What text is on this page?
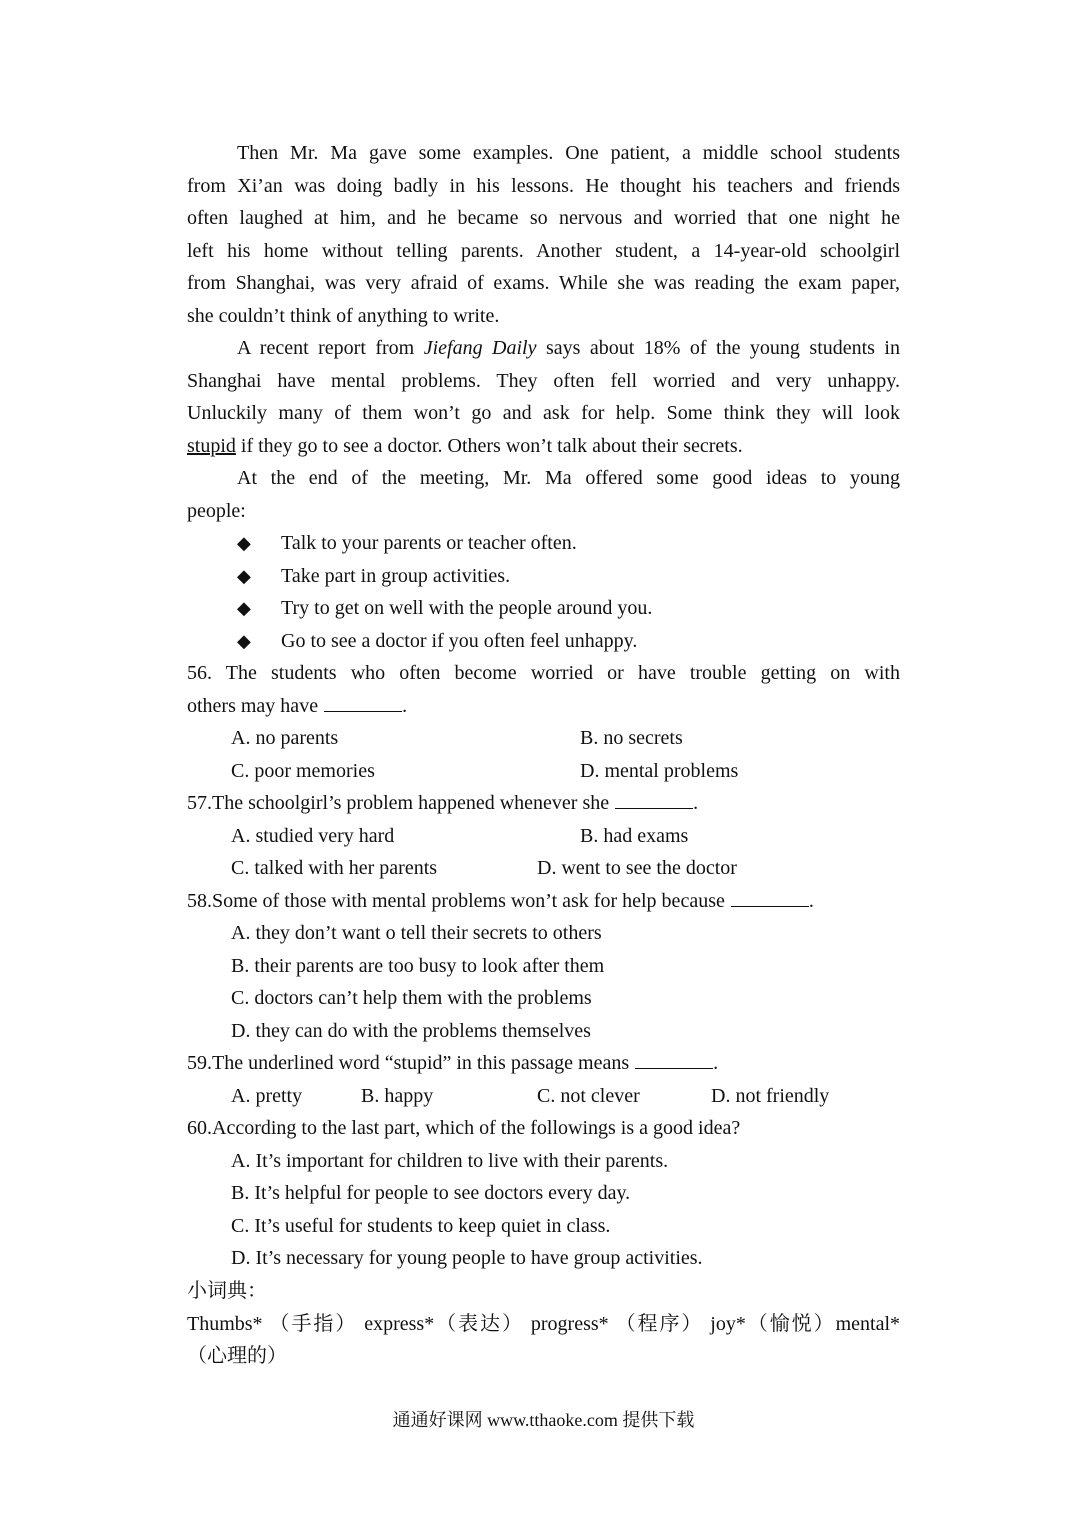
Then Mr. Ma gave some examples. One patient, a middle school students
from Xi’an was doing badly in his lessons. He thought his teachers and friends
often laughed at him, and he became so nervous and worried that one night he
left his home without telling parents. Another student, a 14-year-old schoolgirl
from Shanghai, was very afraid of exams. While she was reading the exam paper,
she couldn’t think of anything to write.
A recent report from Jiefang Daily says about 18% of the young students in
Shanghai have mental problems. They often fell worried and very unhappy.
Unluckily many of them won’t go and ask for help. Some think they will look
stupid if they go to see a doctor. Others won’t talk about their secrets.
At the end of the meeting, Mr. Ma offered some good ideas to young
people:
◆ Talk to your parents or teacher often.
◆ Take part in group activities.
◆ Try to get on well with the people around you.
◆ Go to see a doctor if you often feel unhappy.
56. The students who often become worried or have trouble getting on with
others may have	.
A. no parents	B. no secrets
C. poor memories	D. mental problems
57.The schoolgirl’s problem happened whenever she	.
A. studied very hard	B. had exams
C. talked with her parents	D. went to see the doctor
58.Some of those with mental problems won’t ask for help because	.
A. they don’t want o tell their secrets to others
B. their parents are too busy to look after them
C. doctors can’t help them with the problems
D. they can do with the problems themselves
59.The underlined word “stupid” in this passage means	.
A. pretty	B. happy	C. not clever	D. not friendly
60.According to the last part, which of the followings is a good idea?
A. It’s important for children to live with their parents.
B. It’s helpful for people to see doctors every day.
C. It’s useful for students to keep quiet in class.
D. It’s necessary for young people to have group activities.
小词典：
Thumbs* （手指） express*（表达） progress* （程序） joy*（愉悦）mental*
（心理的）
通通好课网 www.tthaoke.com 提供下载
